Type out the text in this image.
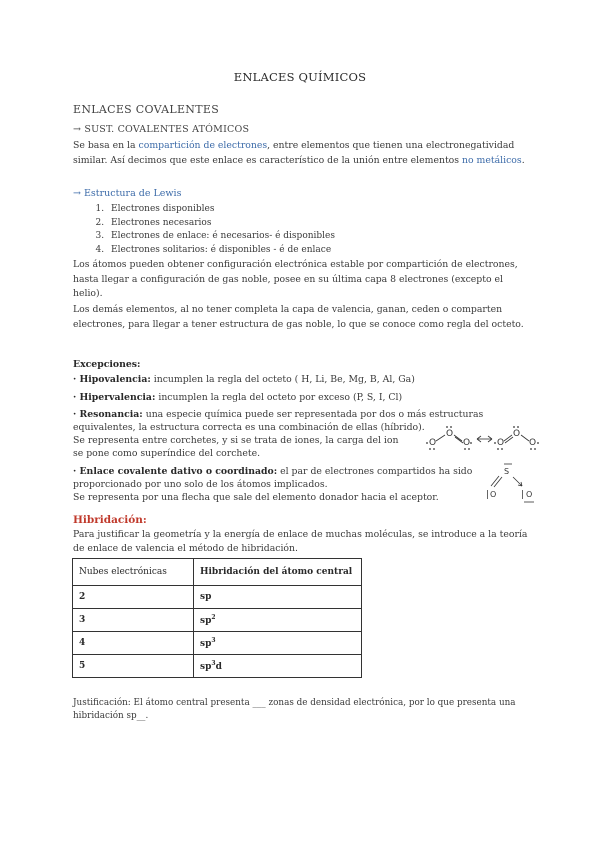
ENLACES QUÍMICOS
ENLACES COVALENTES
→ SUST. COVALENTES ATÓMICOS
Se basa en la compartición de electrones, entre elementos que tienen una electronegatividad similar. Así decimos que este enlace es característico de la unión entre elementos no metálicos.
→ Estructura de Lewis
1. Electrones disponibles
2. Electrones necesarios
3. Electrones de enlace: é necesarios- é disponibles
4. Electrones solitarios: é disponibles - é de enlace
Los átomos pueden obtener configuración electrónica estable por compartición de electrones, hasta llegar a configuración de gas noble, posee en su última capa 8 electrones (excepto el helio).
Los demás elementos, al no tener completa la capa de valencia, ganan, ceden o comparten electrones, para llegar a tener estructura de gas noble, lo que se conoce como regla del octeto.
Excepciones:
· Hipovalencia: incumplen la regla del octeto ( H, Li, Be, Mg, B, Al, Ga)
· Hipervalencia: incumplen la regla del octeto por exceso (P, S, I, Cl)
· Resonancia: una especie química puede ser representada por dos o más estructuras
equivalentes, la estructura correcta es una combinación de ellas (híbrido).
Se representa entre corchetes, y si se trata de iones, la carga del ion
se pone como superíndice del corchete.
O
O
O	O
O
O
· Enlace covalente dativo o coordinado: el par de electrones compartidos ha sido
proporcionado por uno solo de los átomos implicados.
Se representa por una flecha que sale del elemento donador hacia el aceptor.
S
| O	| O
Hibridación:
Para justificar la geometría y la energía de enlace de muchas moléculas, se introduce a la teoría de enlace de valencia el método de hibridación.
Nubes electrónicas	Hibridación del átomo central
2	sp
3	$sp^2$
4	$sp^3$
5	$sp^3d$
Justificación: El átomo central presenta ___ zonas de densidad electrónica, por lo que presenta una hibridación sp__.
